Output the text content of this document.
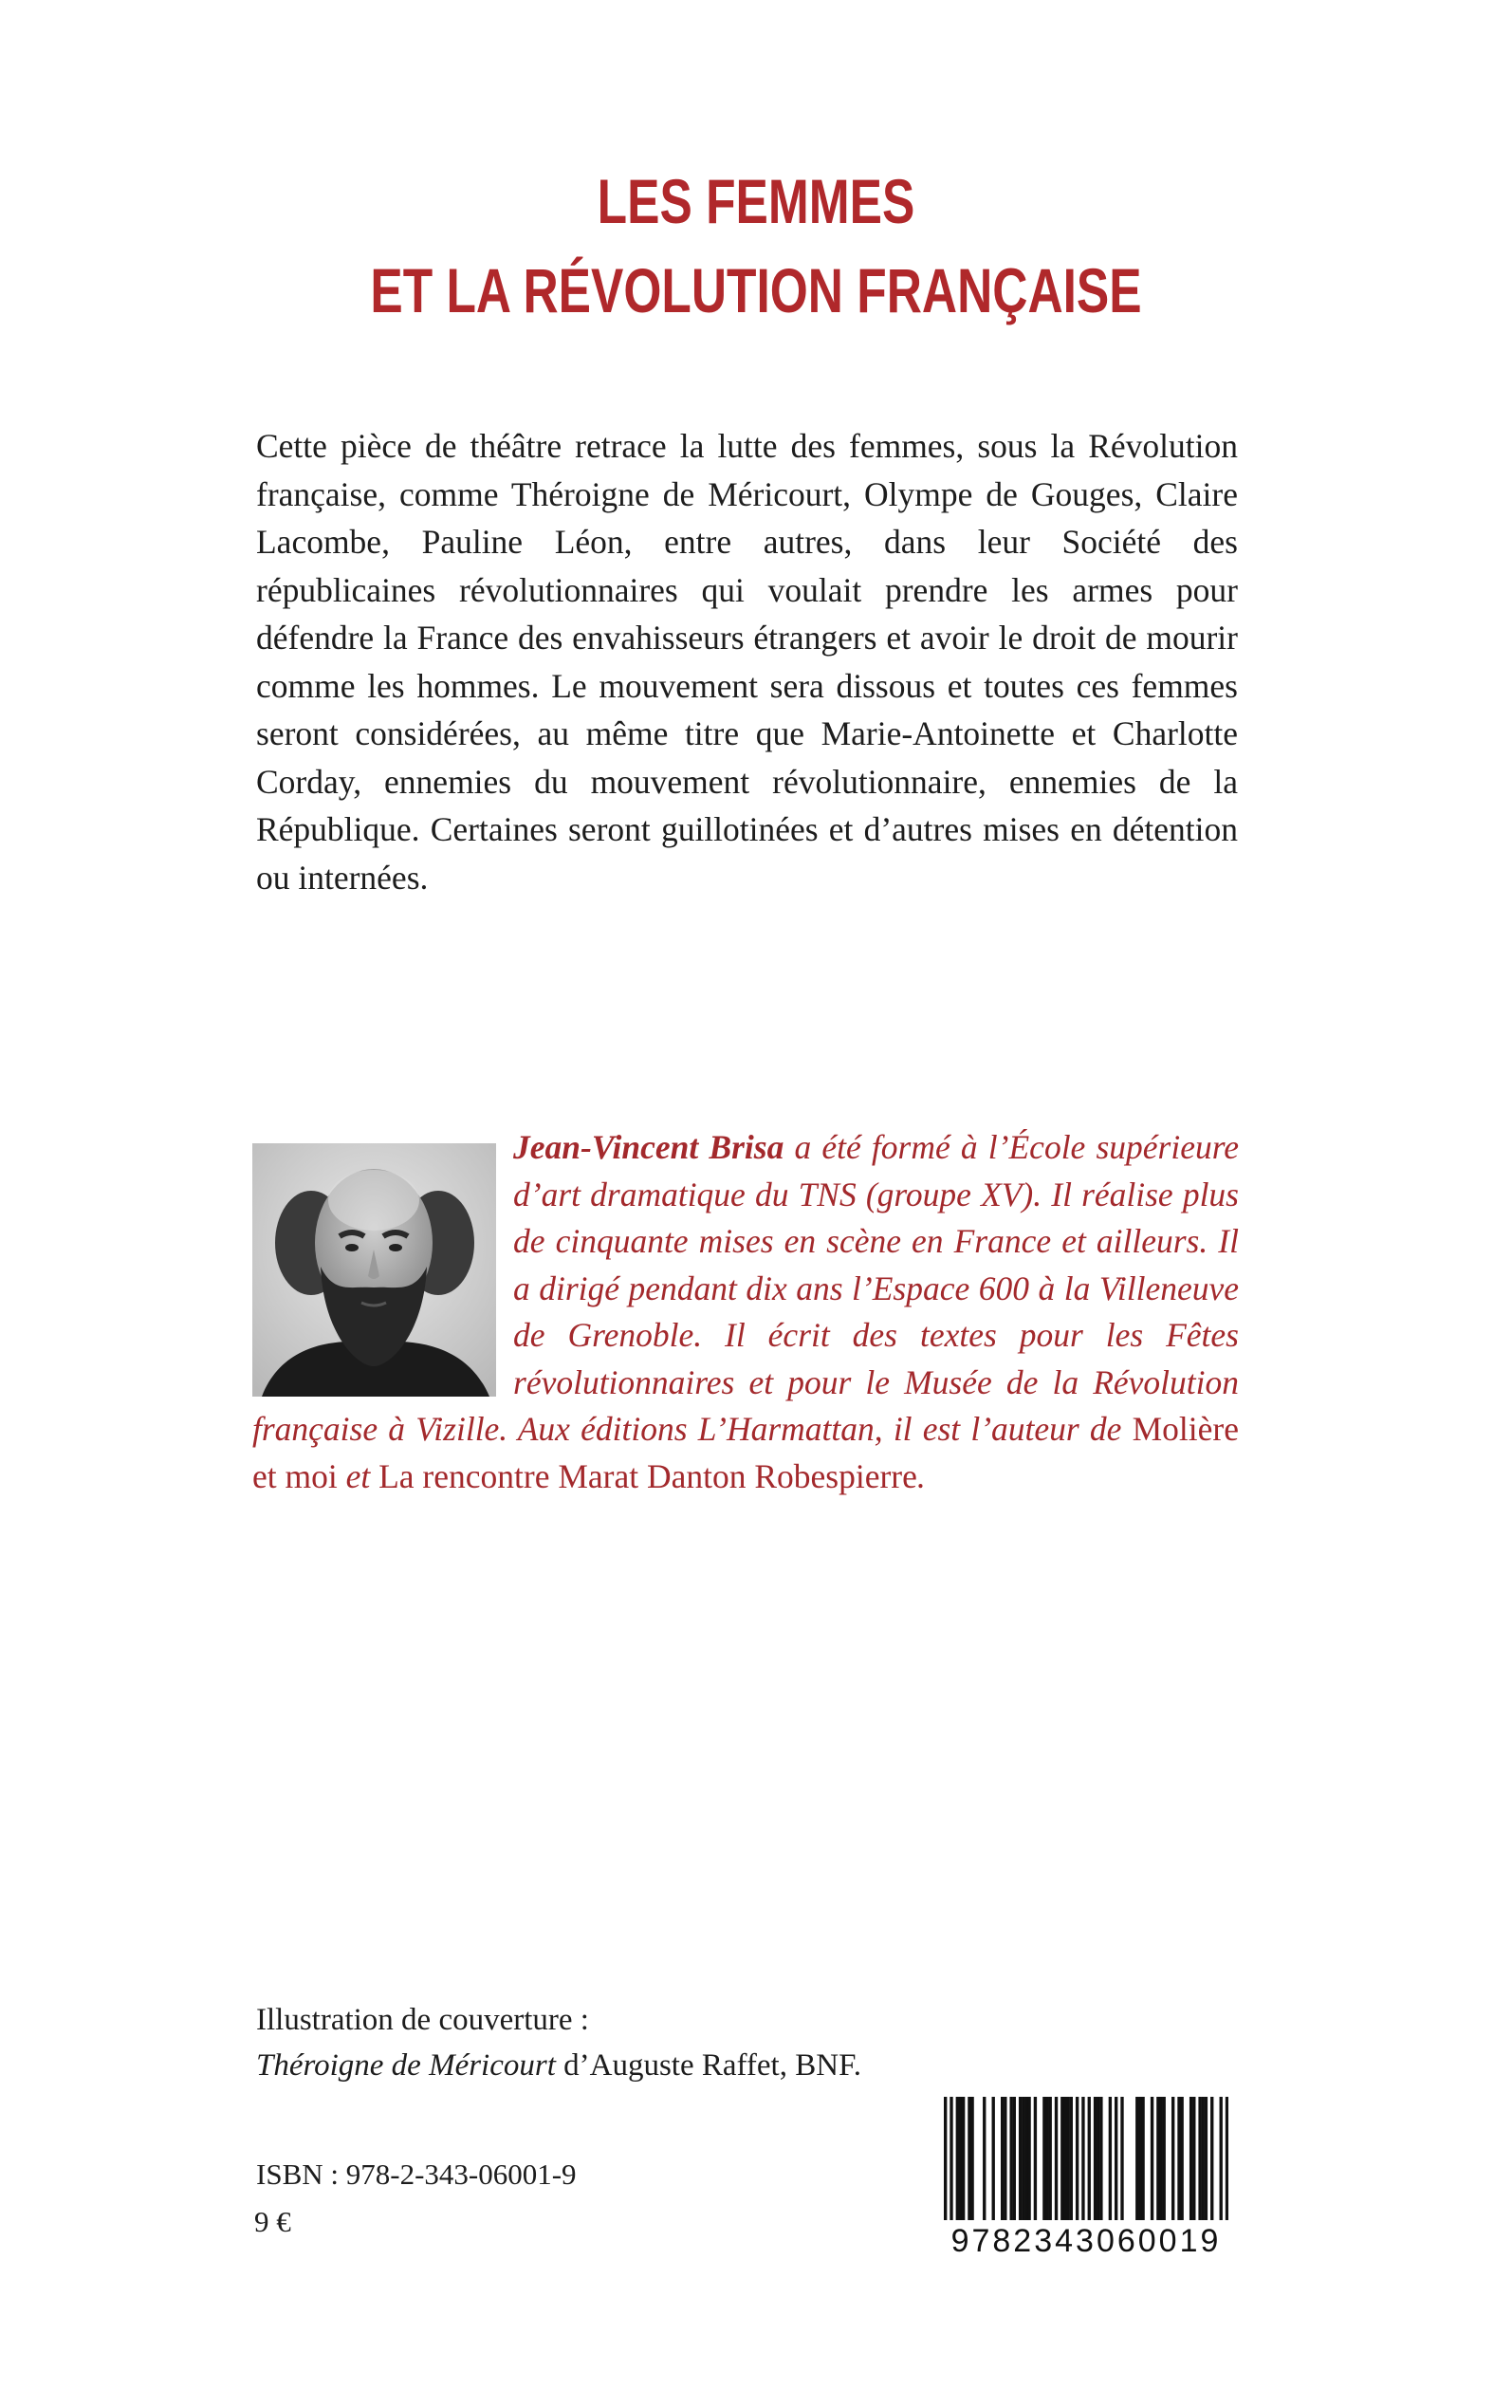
LES FEMMES
ET LA RÉVOLUTION FRANÇAISE
Cette pièce de théâtre retrace la lutte des femmes, sous la Révolution française, comme Théroigne de Méricourt, Olympe de Gouges, Claire Lacombe, Pauline Léon, entre autres, dans leur Société des républicaines révolutionnaires qui voulait prendre les armes pour défendre la France des envahisseurs étrangers et avoir le droit de mourir comme les hommes. Le mouvement sera dissous et toutes ces femmes seront considérées, au même titre que Marie-Antoinette et Charlotte Corday, ennemies du mouvement révolutionnaire, ennemies de la République. Certaines seront guillotinées et d’autres mises en détention ou internées.
Jean-Vincent Brisa a été formé à l’École supérieure d’art dramatique du TNS (groupe XV). Il réalise plus de cinquante mises en scène en France et ailleurs. Il a dirigé pendant dix ans l’Espace 600 à la Villeneuve de Grenoble. Il écrit des textes pour les Fêtes révolutionnaires et pour le Musée de la Révolution française à Vizille. Aux éditions L’Harmattan, il est l’auteur de Molière et moi et La rencontre Marat Danton Robespierre.
Illustration de couverture :
Théroigne de Méricourt d’Auguste Raffet, BNF.
ISBN : 978-2-343-06001-9
9 €
9782343060019
